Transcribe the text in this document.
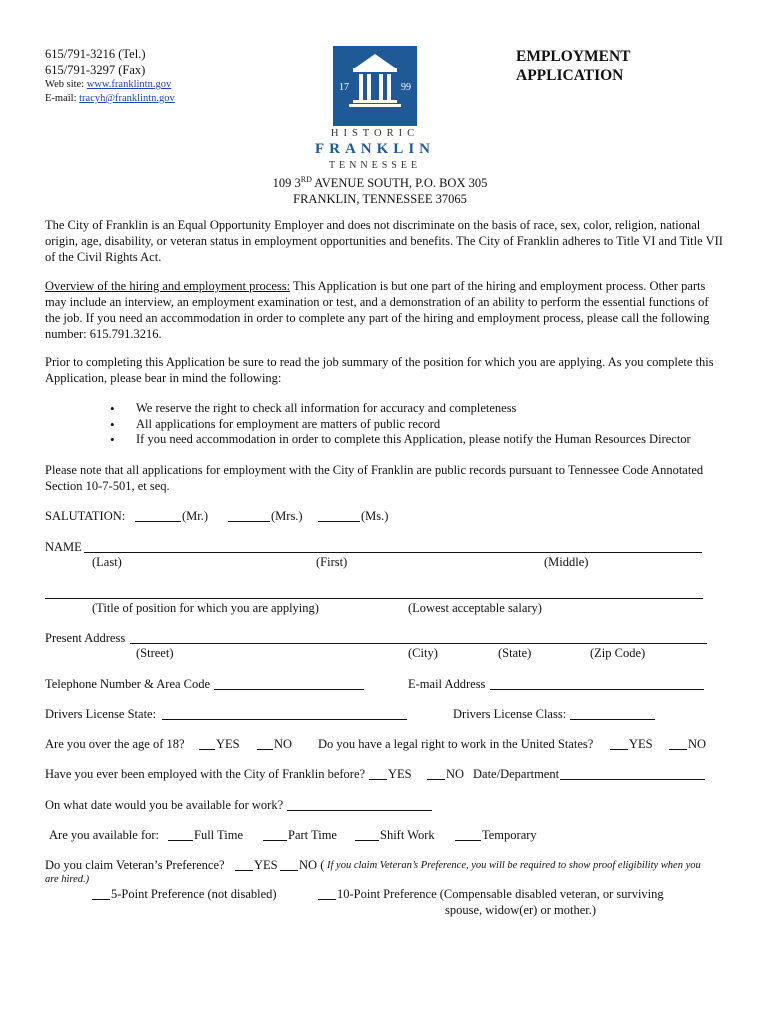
615/791-3216 (Tel.)
615/791-3297 (Fax)
Web site: www.franklintn.gov
E-mail: tracyh@franklintn.gov
17	99
HISTORIC
FRANKLIN
TENNESSEE
EMPLOYMENT
APPLICATION
109 3RD AVENUE SOUTH, P.O. BOX 305
FRANKLIN, TENNESSEE 37065
The City of Franklin is an Equal Opportunity Employer and does not discriminate on the basis of race, sex, color, religion, national origin, age, disability, or veteran status in employment opportunities and benefits. The City of Franklin adheres to Title VI and Title VII of the Civil Rights Act.
Overview of the hiring and employment process: This Application is but one part of the hiring and employment process. Other parts may include an interview, an employment examination or test, and a demonstration of an ability to perform the essential functions of the job. If you need an accommodation in order to complete any part of the hiring and employment process, please call the following number: 615.791.3216.
Prior to completing this Application be sure to read the job summary of the position for which you are applying. As you complete this Application, please bear in mind the following:
• We reserve the right to check all information for accuracy and completeness
• All applications for employment are matters of public record
• If you need accommodation in order to complete this Application, please notify the Human Resources Director
Please note that all applications for employment with the City of Franklin are public records pursuant to Tennessee Code Annotated Section 10-7-501, et seq.
SALUTATION:	(Mr.)	(Mrs.)	(Ms.)
NAME
(Last)	(First)	(Middle)
(Title of position for which you are applying)	(Lowest acceptable salary)
Present Address
(Street)	(City)	(State)	(Zip Code)
Telephone Number & Area Code	E-mail Address
Drivers License State:	Drivers License Class:
Are you over the age of 18?	YES	NO Do you have a legal right to work in the United States?	YES	NO
Have you ever been employed with the City of Franklin before? YES	NO Date/Department
On what date would you be available for work?
Are you available for:	Full Time	Part Time	Shift Work	Temporary
Do you claim Veteran’s Preference? YES NO ( If you claim Veteran’s Preference, you will be required to show proof eligibility when you
are hired.)
5-Point Preference (not disabled)	10-Point Preference (Compensable disabled veteran, or surviving
spouse, widow(er) or mother.)
